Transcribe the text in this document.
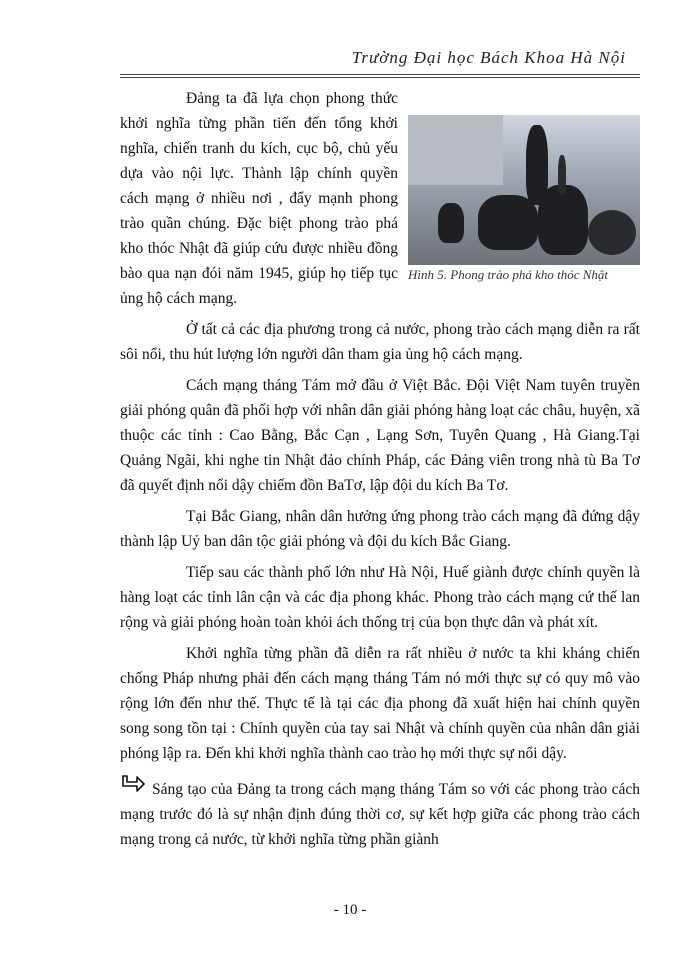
Trường Đại học Bách Khoa Hà Nội
Hình 5. Phong trào phá kho thóc Nhật

Đảng ta đã lựa chọn phong thức khởi nghĩa từng phần tiến đến tổng khởi nghĩa, chiến tranh du kích, cục bộ, chủ yếu dựa vào nội lực. Thành lập chính quyền cách mạng ở nhiều nơi , đẩy mạnh phong trào quần chúng. Đặc biệt phong trào phá kho thóc Nhật đã giúp cứu được nhiều đồng bào qua nạn đói năm 1945, giúp họ tiếp tục ủng hộ cách mạng.

Ở tất cả các địa phương trong cả nước, phong trào cách mạng diễn ra rất sôi nổi, thu hút lượng lớn người dân tham gia ủng hộ cách mạng.

Cách mạng tháng Tám mở đầu ở Việt Bắc. Đội Việt Nam tuyên truyền giải phóng quân đã phối hợp với nhân dân giải phóng hàng loạt các châu, huyện, xã thuộc các tỉnh : Cao Bằng, Bắc Cạn , Lạng Sơn, Tuyên Quang , Hà Giang.Tại Quảng Ngãi, khi nghe tin Nhật đảo chính Pháp, các Đảng viên trong nhà tù Ba Tơ đã quyết định nổi dậy chiếm đồn BaTơ, lập đội du kích Ba Tơ.

Tại Bắc Giang, nhân dân hưởng ứng phong trào cách mạng đã đứng dậy thành lập Uỷ ban dân tộc giải phóng và đội du kích Bắc Giang.

Tiếp sau các thành phố lớn như Hà Nội, Huế giành được chính quyền là hàng loạt các tỉnh lân cận và các địa phong khác. Phong trào cách mạng cứ thế lan rộng và giải phóng hoàn toàn khỏi ách thống trị của bọn thực dân và phát xít.

Khởi nghĩa từng phần đã diễn ra rất nhiều ở nước ta khi kháng chiến chống Pháp nhưng phải đến cách mạng tháng Tám nó mới thực sự có quy mô vào rộng lớn đến như thế. Thực tế là tại các địa phong đã xuất hiện hai chính quyền song song tồn tại : Chính quyền của tay sai Nhật và chính quyền của nhân dân giải phóng lập ra. Đến khi khởi nghĩa thành cao trào họ mới thực sự nổi dậy.

Sáng tạo của Đảng ta trong cách mạng tháng Tám so với các phong trào cách mạng trước đó là sự nhận định đúng thời cơ, sự kết hợp giữa các phong trào cách mạng trong cả nước, từ khởi nghĩa từng phần giành

- 10 -
